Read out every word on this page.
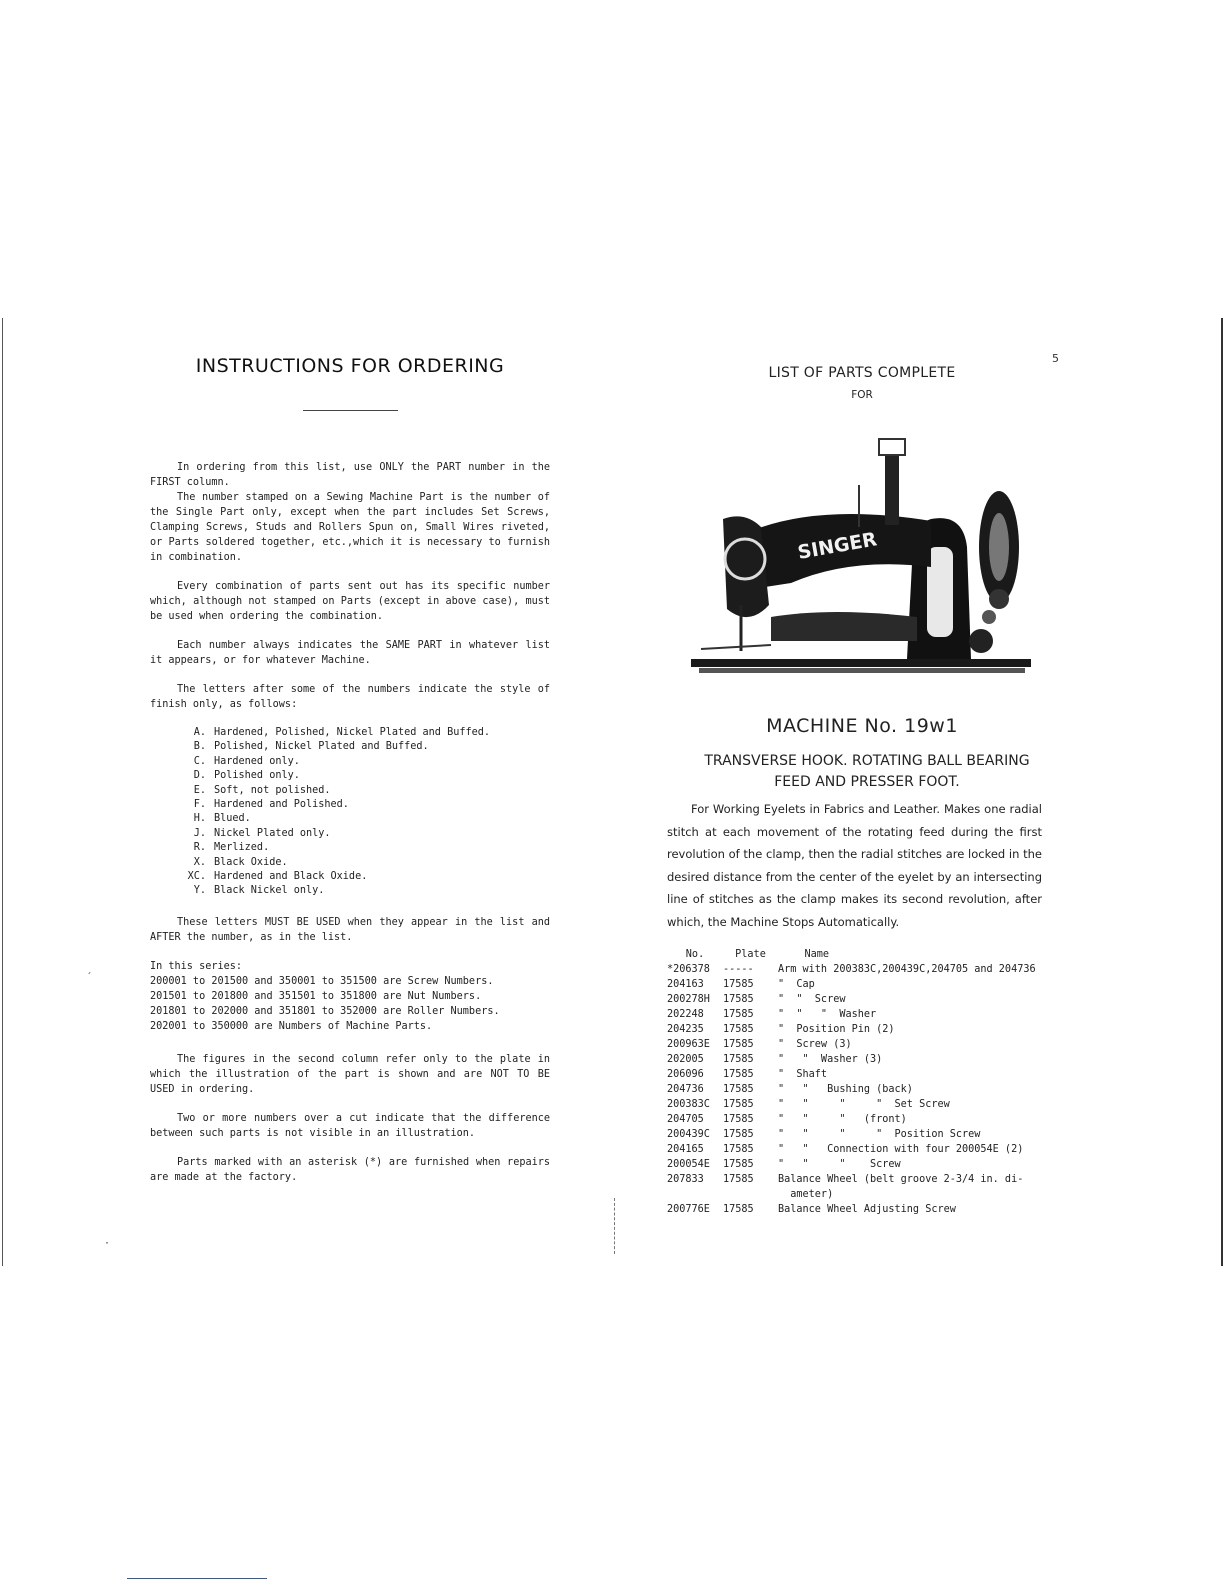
´
·
INSTRUCTIONS FOR ORDERING

In ordering from this list, use ONLY the PART number in the FIRST column.

The number stamped on a Sewing Machine Part is the number of the Single Part only, except when the part includes Set Screws, Clamping Screws, Studs and Rollers Spun on, Small Wires riveted, or Parts soldered together, etc.,which it is necessary to furnish in combination.

Every combination of parts sent out has its specific number which, although not stamped on Parts (except in above case), must be used when ordering the combination.

Each number always indicates the SAME PART in whatever list it appears, or for whatever Machine.

The letters after some of the numbers indicate the style of finish only, as follows:

A. Hardened, Polished, Nickel Plated and Buffed.
B. Polished, Nickel Plated and Buffed.
C. Hardened only.
D. Polished only.
E. Soft, not polished.
F. Hardened and Polished.
H. Blued.
J. Nickel Plated only.
R. Merlized.
X. Black Oxide.
XC. Hardened and Black Oxide.
Y. Black Nickel only.

These letters MUST BE USED when they appear in the list and AFTER the number, as in the list.

In this series:
200001 to 201500 and 350001 to 351500 are Screw Numbers.
201501 to 201800 and 351501 to 351800 are Nut Numbers.
201801 to 202000 and 351801 to 352000 are Roller Numbers.
202001 to 350000 are Numbers of Machine Parts.

The figures in the second column refer only to the plate in which the illustration of the part is shown and are NOT TO BE USED in ordering.

Two or more numbers over a cut indicate that the difference between such parts is not visible in an illustration.

Parts marked with an asterisk (*) are furnished when repairs are made at the factory.

5
LIST OF PARTS COMPLETE
FOR
SINGER
MACHINE No. 19w1
TRANSVERSE HOOK. ROTATING BALL BEARING
FEED AND PRESSER FOOT.
For Working Eyelets in Fabrics and Leather. Makes one radial stitch at each movement of the rotating feed during the first revolution of the clamp, then the radial stitches are locked in the desired distance from the center of the eyelet by an intersecting line of stitches as the clamp makes its second revolution, after which, the Machine Stops Automatically.
No.	Plate	Name
*206378	-----	Arm with 200383C,200439C,204705 and 204736
204163	17585	"  Cap
200278H	17585	"  "  Screw
202248	17585	"  "   "  Washer
204235	17585	"  Position Pin (2)
200963E	17585	"  Screw (3)
202005	17585	"   "  Washer (3)
206096	17585	"  Shaft
204736	17585	"   "   Bushing (back)
200383C	17585	"   "     "     "  Set Screw
204705	17585	"   "     "   (front)
200439C	17585	"   "     "     "  Position Screw
204165	17585	"   "   Connection with four 200054E (2)
200054E	17585	"   "     "    Screw
207833	17585	Balance Wheel (belt groove 2-3/4 in. di-
ameter)
200776E	17585	Balance Wheel Adjusting Screw
